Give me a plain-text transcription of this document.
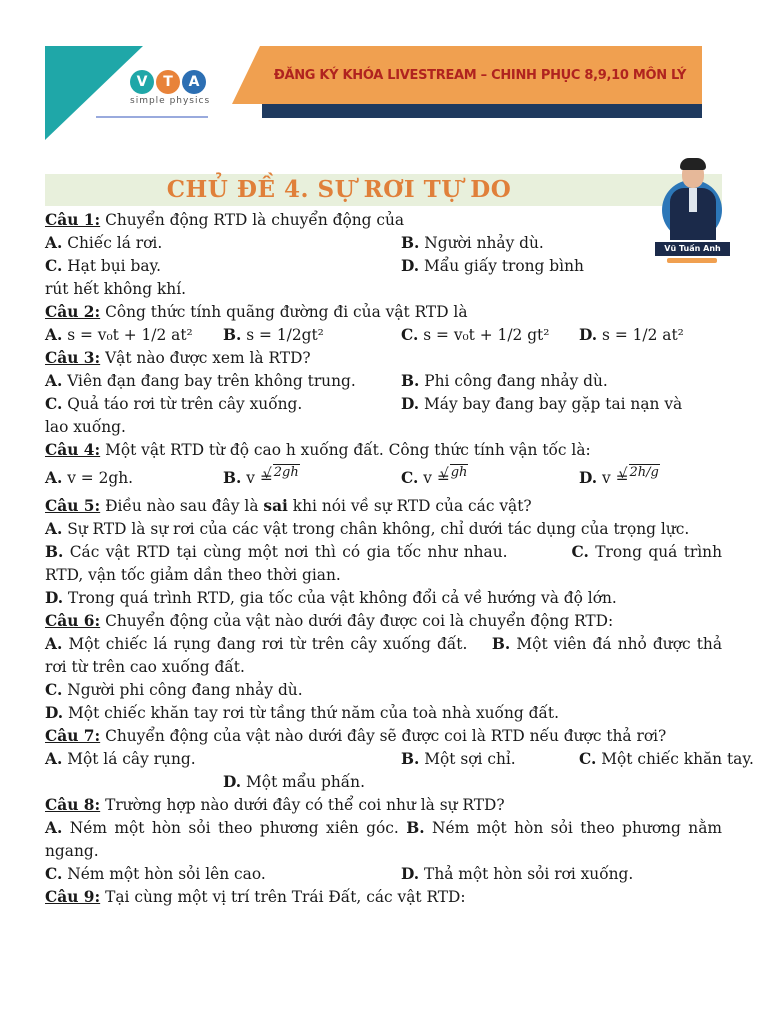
V	T	A
simple physics
ĐĂNG KÝ KHÓA LIVESTREAM – CHINH PHỤC 8,9,10 MÔN LÝ
CHỦ ĐỀ 4. SỰ RƠI TỰ DO
Vũ Tuấn Anh
Câu 1: Chuyển động RTD là chuyển động của
A. Chiếc lá rơi.	B. Người nhảy dù.
C. Hạt bụi bay.	D. Mẩu giấy trong bình
rút hết không khí.
Câu 2: Công thức tính quãng đường đi của vật RTD là
A. s = v₀t + 1/2 at² B. s = 1/2gt²	C. s = v₀t + 1/2 gt² D. s = 1/2 at²
Câu 3: Vật nào được xem là RTD?
A. Viên đạn đang bay trên không trung.	B. Phi công đang nhảy dù.
C. Quả táo rơi từ trên cây xuống.	D. Máy bay đang bay gặp tai nạn và
lao xuống.
Câu 4: Một vật RTD từ độ cao h xuống đất. Công thức tính vận tốc là:
A. v = 2gh.	B. v =√ $^{2gh}$	C. v =√ $^{gh}$	D. v =√ $^{2h/g}$
Câu 5: Điều nào sau đây là sai khi nói về sự RTD của các vật?
A. Sự RTD là sự rơi của các vật trong chân không, chỉ dưới tác dụng của trọng lực.
B. Các vật RTD tại cùng một nơi thì có gia tốc như nhau.	C. Trong quá trình RTD, vận tốc giảm dần theo thời gian.
D. Trong quá trình RTD, gia tốc của vật không đổi cả về hướng và độ lớn.
Câu 6: Chuyển động của vật nào dưới đây được coi là chuyển động RTD:
A. Một chiếc lá rụng đang rơi từ trên cây xuống đất. B. Một viên đá nhỏ được thả rơi từ trên cao xuống đất.
C. Người phi công đang nhảy dù.
D. Một chiếc khăn tay rơi từ tầng thứ năm của toà nhà xuống đất.
Câu 7: Chuyển động của vật nào dưới đây sẽ được coi là RTD nếu được thả rơi?
A. Một lá cây rụng.	B. Một sợi chỉ.	C. Một chiếc khăn tay.
D. Một mẩu phấn.
Câu 8: Trường hợp nào dưới đây có thể coi như là sự RTD?
A. Ném một hòn sỏi theo phương xiên góc. B. Ném một hòn sỏi theo phương nằm ngang.
C. Ném một hòn sỏi lên cao.	D. Thả một hòn sỏi rơi xuống.
Câu 9: Tại cùng một vị trí trên Trái Đất, các vật RTD:
